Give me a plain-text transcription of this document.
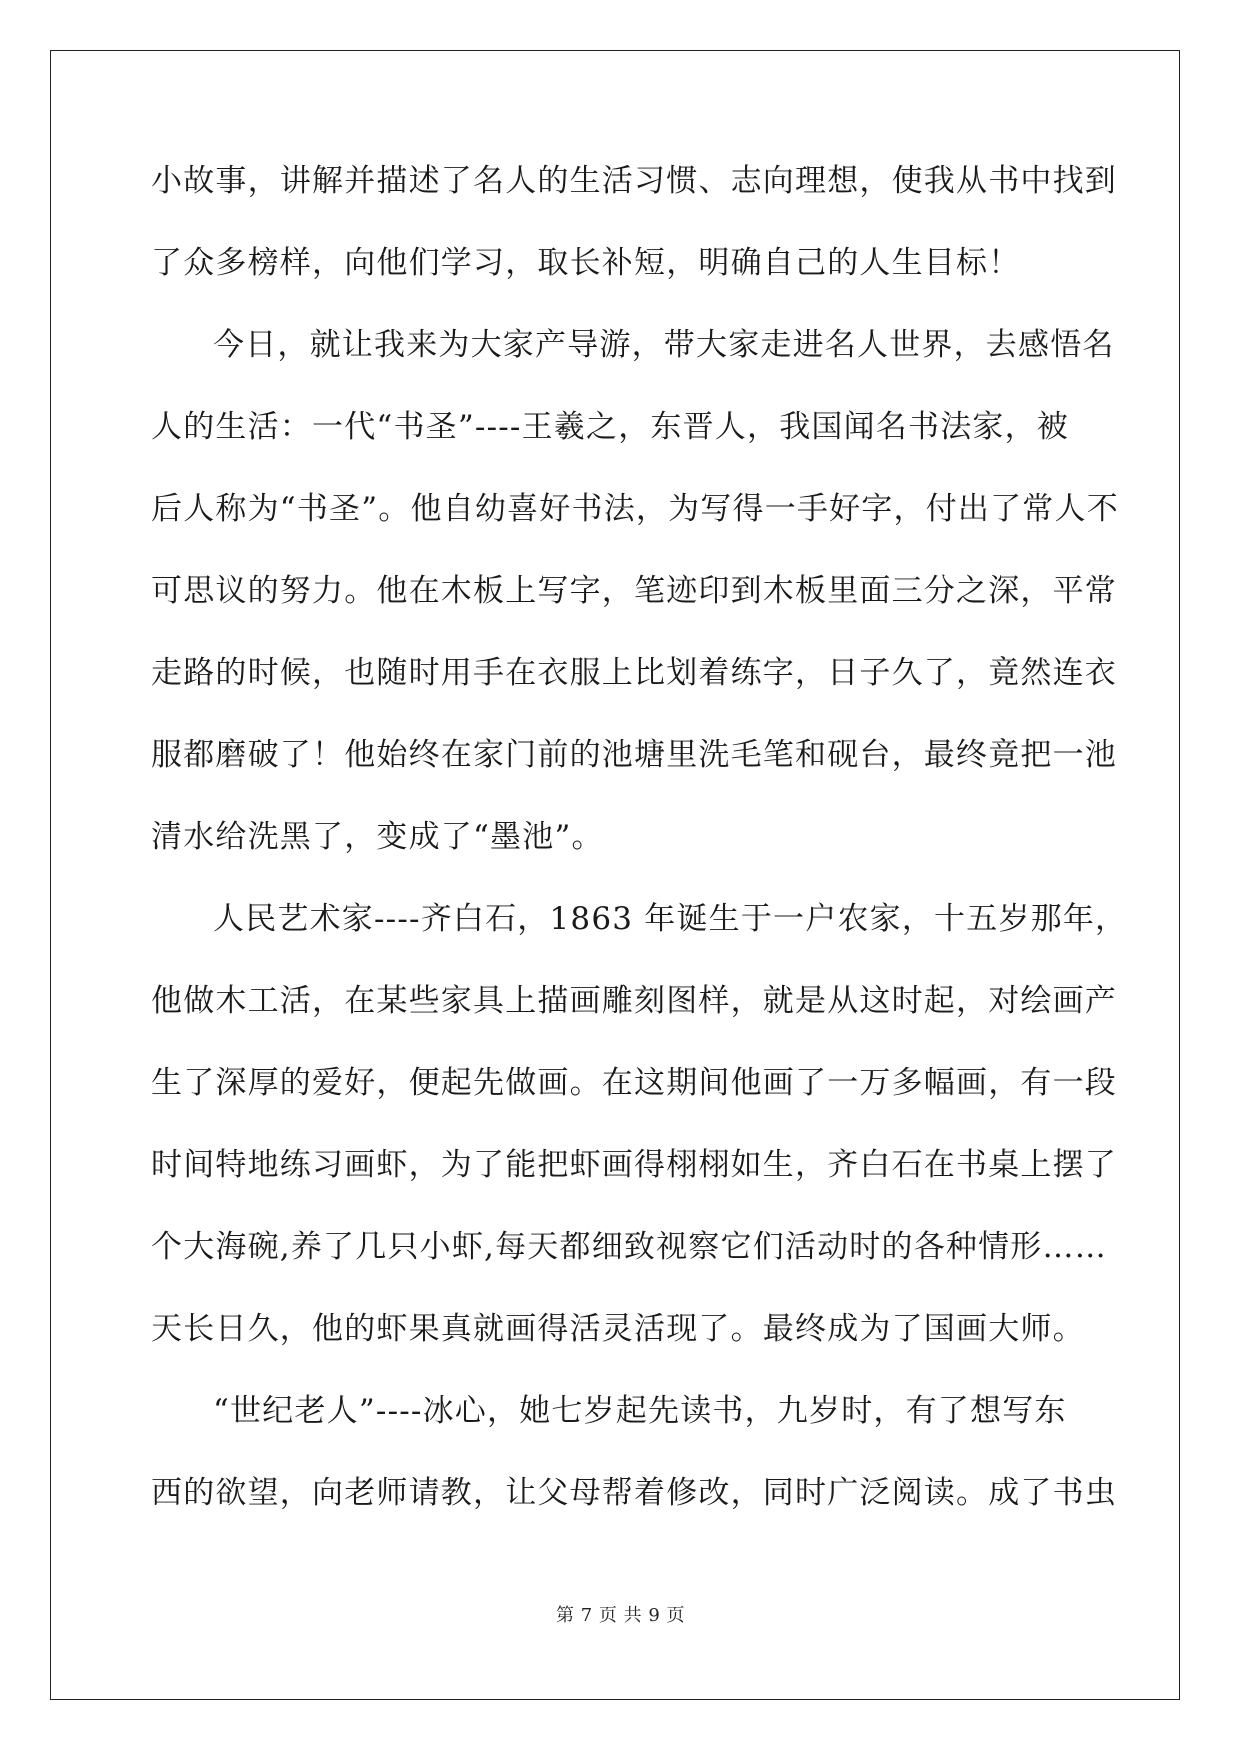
小故事，讲解并描述了名人的生活习惯、志向理想，使我从书中找到
了众多榜样，向他们学习，取长补短，明确自己的人生目标！
今日，就让我来为大家产导游，带大家走进名人世界，去感悟名
人的生活：一代“书圣”----王羲之，东晋人，我国闻名书法家，被
后人称为“书圣”。他自幼喜好书法，为写得一手好字，付出了常人不
可思议的努力。他在木板上写字，笔迹印到木板里面三分之深，平常
走路的时候，也随时用手在衣服上比划着练字，日子久了，竟然连衣
服都磨破了！他始终在家门前的池塘里洗毛笔和砚台，最终竟把一池
清水给洗黑了，变成了“墨池”。
人民艺术家----齐白石，1863 年诞生于一户农家，十五岁那年，
他做木工活，在某些家具上描画雕刻图样，就是从这时起，对绘画产
生了深厚的爱好，便起先做画。在这期间他画了一万多幅画，有一段
时间特地练习画虾，为了能把虾画得栩栩如生，齐白石在书桌上摆了
个大海碗,养了几只小虾,每天都细致视察它们活动时的各种情形……
天长日久，他的虾果真就画得活灵活现了。最终成为了国画大师。
“世纪老人”----冰心，她七岁起先读书，九岁时，有了想写东
西的欲望，向老师请教，让父母帮着修改，同时广泛阅读。成了书虫
第 7 页 共 9 页
